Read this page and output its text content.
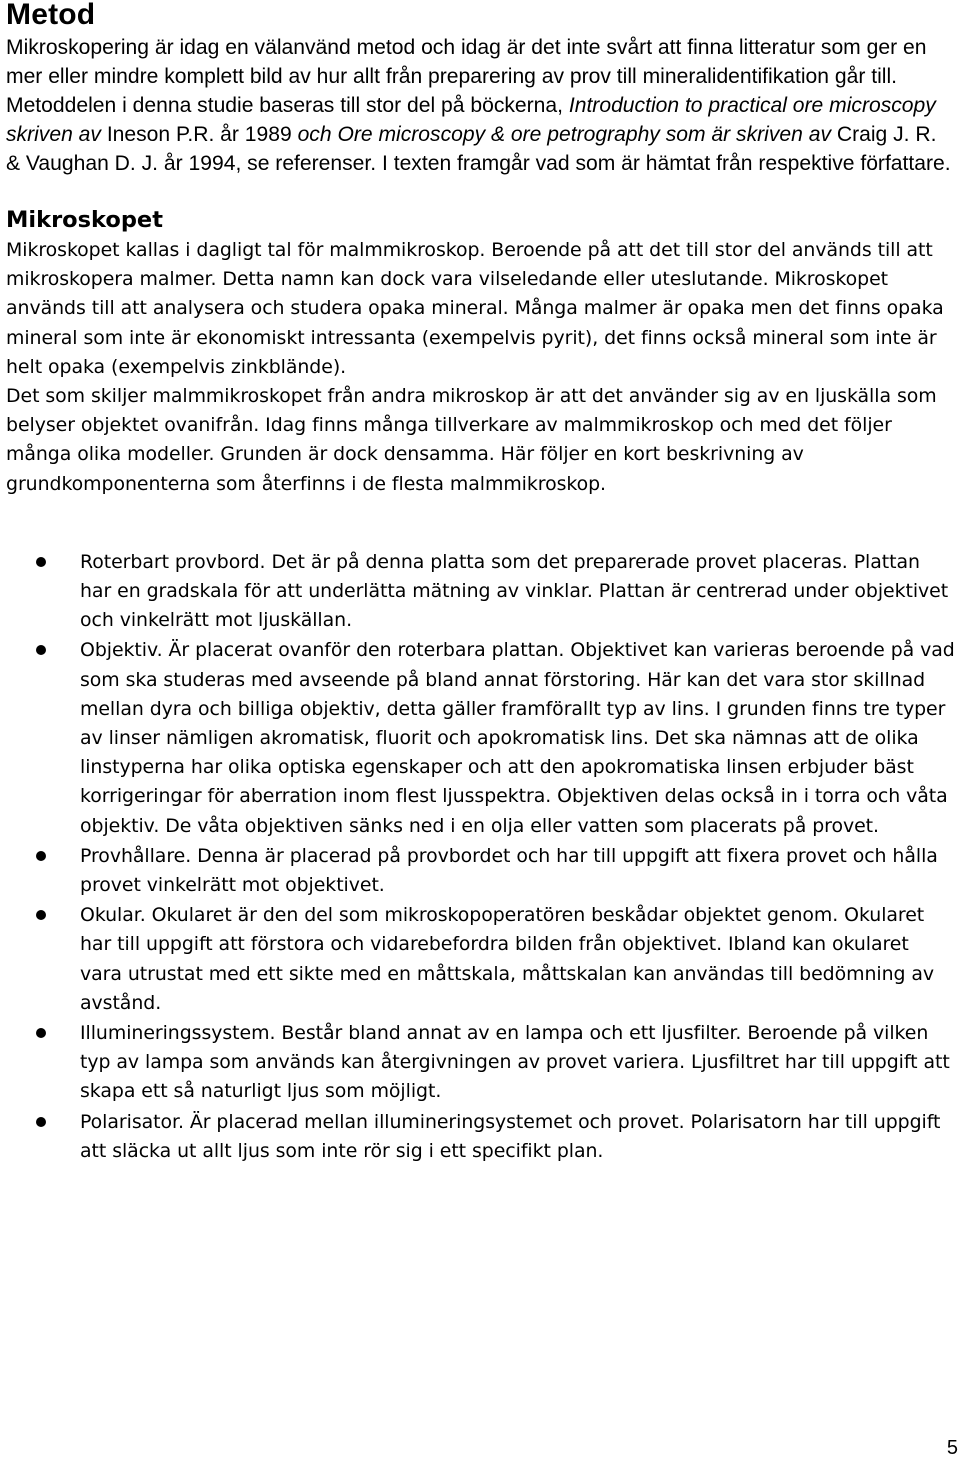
Metod

Mikroskopering är idag en välanvänd metod och idag är det inte svårt att finna litteratur som ger en mer eller mindre komplett bild av hur allt från preparering av prov till mineralidentifikation går till. Metoddelen i denna studie baseras till stor del på böckerna, Introduction to practical ore microscopy skriven av Ineson P.R. år 1989 och Ore microscopy & ore petrography som är skriven av Craig J. R. & Vaughan D. J. år 1994, se referenser. I texten framgår vad som är hämtat från respektive författare.

Mikroskopet

Mikroskopet kallas i dagligt tal för malmmikroskop. Beroende på att det till stor del används till att mikroskopera malmer. Detta namn kan dock vara vilseledande eller uteslutande. Mikroskopet används till att analysera och studera opaka mineral. Många malmer är opaka men det finns opaka mineral som inte är ekonomiskt intressanta (exempelvis pyrit), det finns också mineral som inte är helt opaka (exempelvis zinkblände).

Det som skiljer malmmikroskopet från andra mikroskop är att det använder sig av en ljuskälla som belyser objektet ovanifrån. Idag finns många tillverkare av malmmikroskop och med det följer många olika modeller. Grunden är dock densamma. Här följer en kort beskrivning av grundkomponenterna som återfinns i de flesta malmmikroskop.

Roterbart provbord. Det är på denna platta som det preparerade provet placeras. Plattan har en gradskala för att underlätta mätning av vinklar. Plattan är centrerad under objektivet och vinkelrätt mot ljuskällan.
Objektiv. Är placerat ovanför den roterbara plattan. Objektivet kan varieras beroende på vad som ska studeras med avseende på bland annat förstoring. Här kan det vara stor skillnad mellan dyra och billiga objektiv, detta gäller framförallt typ av lins. I grunden finns tre typer av linser nämligen akromatisk, fluorit och apokromatisk lins. Det ska nämnas att de olika linstyperna har olika optiska egenskaper och att den apokromatiska linsen erbjuder bäst korrigeringar för aberration inom flest ljusspektra. Objektiven delas också in i torra och våta objektiv. De våta objektiven sänks ned i en olja eller vatten som placerats på provet.
Provhållare. Denna är placerad på provbordet och har till uppgift att fixera provet och hålla provet vinkelrätt mot objektivet.
Okular. Okularet är den del som mikroskopoperatören beskådar objektet genom. Okularet har till uppgift att förstora och vidarebefordra bilden från objektivet. Ibland kan okularet vara utrustat med ett sikte med en måttskala, måttskalan kan användas till bedömning av avstånd.
Illumineringssystem. Består bland annat av en lampa och ett ljusfilter. Beroende på vilken typ av lampa som används kan återgivningen av provet variera. Ljusfiltret har till uppgift att skapa ett så naturligt ljus som möjligt.
Polarisator. Är placerad mellan illumineringsystemet och provet. Polarisatorn har till uppgift att släcka ut allt ljus som inte rör sig i ett specifikt plan.
5
